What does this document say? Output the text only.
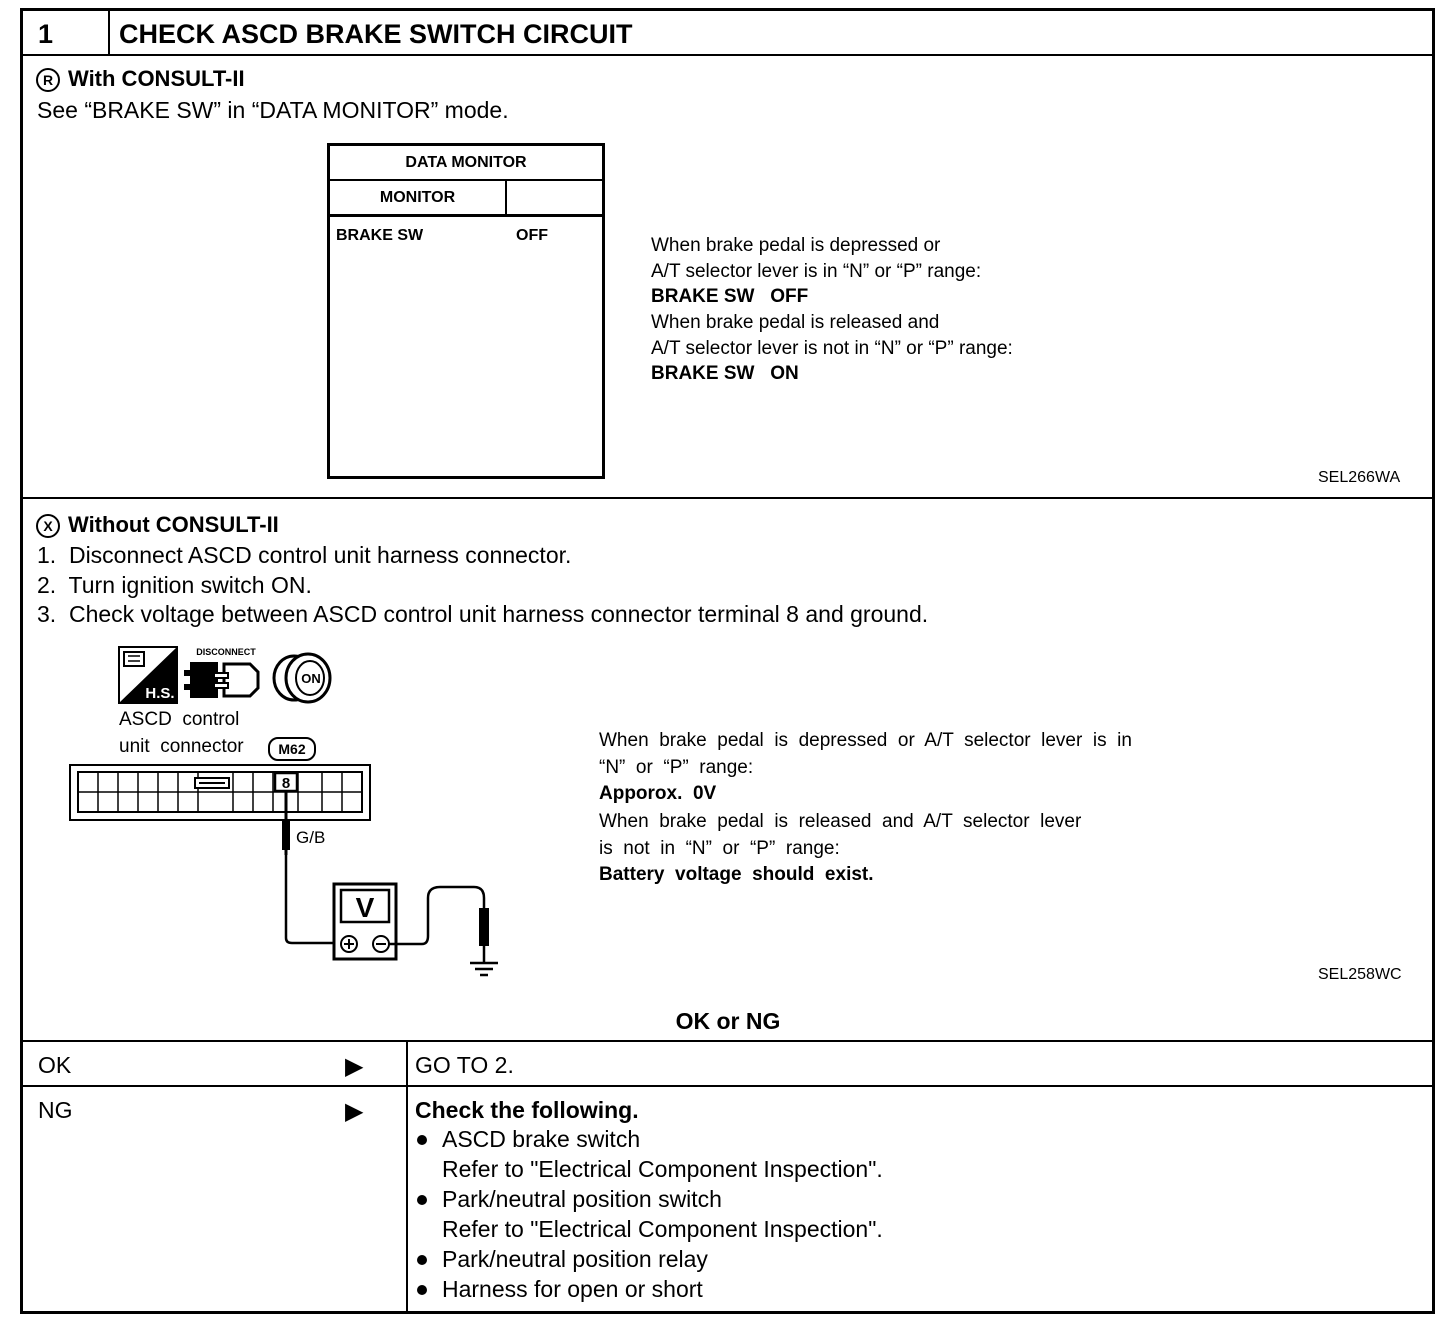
1 CHECK ASCD BRAKE SWITCH CIRCUIT
R With CONSULT-II
See “BRAKE SW” in “DATA MONITOR” mode.
DATA MONITOR
MONITOR
BRAKE SW	OFF	When brake pedal is depressed or
A/T selector lever is in “N” or “P” range:
BRAKE SW   OFF
When brake pedal is released and
A/T selector lever is not in “N” or “P” range:
BRAKE SW   ON
SEL266WA
X Without CONSULT-II
1.  Disconnect ASCD control unit harness connector.
2.  Turn ignition switch ON.
3.  Check voltage between ASCD control unit harness connector terminal 8 and ground.
H.S.
DISCONNECT
ON
ASCD  control
unit  connector	M62
8
G/B
V
When  brake  pedal  is  depressed  or  A/T  selector  lever  is  in
“N”  or  “P”  range:
Apporox.  0V
When  brake  pedal  is  released  and  A/T  selector  lever
is  not  in  “N”  or  “P”  range:
Battery  voltage  should  exist.
SEL258WC
OK or NG
OK	▶ GO TO 2.
NG	▶ Check the following.
ASCD brake switch
Refer to "Electrical Component Inspection".
Park/neutral position switch
Refer to "Electrical Component Inspection".
Park/neutral position relay
Harness for open or short
